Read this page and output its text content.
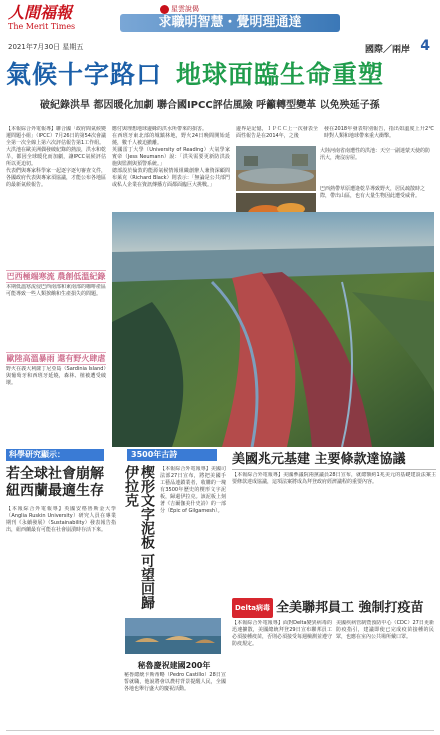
人間福報
The Merit Times
星雲說偈
求職明智慧・覺明理通達
2021年7月30日 星期五	國際／兩岸 4
氣候十字路口 地球面臨生命重塑
破紀錄洪旱 都因暖化加劇 聯合國IPCC評估風險 呼籲轉型變革 以免殃延子孫

【本報綜合外電報導】聯合國「政府間氣候變遷問題小組」（IPCC）7月26日的第54次會議全第一次全線上第六次評估報告第1工作組。

大洪池在歐美洲偶發破紀錄的熱浪，洪水和乾旱，都因全球暖化而加劇，讓IPCC氣候評估所以更迫切。

代表們與專家科學家一起逐字逐句審查文件，各國政府代表與專家須協議，才能公布各地區的最新氣候報告。

巴西極端寒流 農創低溫紀錄
本期低溫寒流侵巴西南部和東南部的咖啡產區可能導致一些人類挨餓和生產損失的問題。
歐陸高溫暴雨 還有野火肆虐
野火在義大利薩丁尼亞島（Sardinia Island）與葡萄牙和西班牙延燒，森林、植被遭受破壞。

應付與理想地球邊緣的洪水所帶來的損害。

在西班牙東北部的城鎮林地，野火24日晚間開始延燒，數千人被迫撤離。

英國雷丁大學（University of Reading）大氣學家賓帝（Jess Neumann）說：「洪災需要更新防洪設施與監測與預警系統。」

總部設於倫敦的能源氣候情報組織創辦人兼資深顧問布萊克（Richard Black）則表示：「無論是公共部門或私人企業在資訊傳播方面都面臨巨大挑戰。」

邊界是記憶，ＩＰＣＣ上一次發表全面性報告是在2014年，之後
發在2018年發表特別報告，指出如溫度上升2℃時對人類和地球帶來重大衝擊。
大陸河南省南遭性的洪池：天空一副迷蒙天使的防汛大，淹沒房屋。
巴西熱帶草原遭逢乾旱導致野火，居民疏散時之際，帶出山區，也有大量生物因此遭受威脅。
科學研究顯示：
若全球社會崩解 紐西蘭最適生存
【本報綜合外電報導】英國安格魯斯金大學（Anglia Ruskin University）研究人員在專業期刊《永續發展》（Sustainability）發表報告指出，紐西蘭最有可能在社會崩潰時存活下來。
3500年古詩
楔形文字泥板 可望回歸伊拉克	【本報綜合外電報導】美國司法部27日宣布，將把美國手工藝品連鎖業者，收購的一塊有3500年歷史的楔形文字泥板，歸還伊拉克。該泥板上刻著《吉爾伽美什史詩》的一部分（Epic of Gilgamesh）。
秘魯慶祝建國200年
秘魯總統卡斯蒂略（Pedro Castillo）28日宣誓就職，他說將會以農村背景提醒人民，全國各地也舉行盛大的慶祝活動。
美國兆元基建 主要條款達協議
【本報綜合外電報導】美國參議院兩黨議員28日宣布，就總額約1兆美元的基礎建設法案主要條款達成協議，這項法案將成為拜登政府經濟議程的重要內容。
Delta病毒 全美聯邦員工 強制打疫苗
【本報綜合外電報導】面對Delta變異病毒的迅速擴散，美國總統拜登29日宣布聯邦員工必須接種疫苗，否則必須接受每週檢測並遵守防疫規定。
美國疾病管制暨預防中心（CDC）27日更新防疫指引，建議即使已完成疫苗接種的民眾，也應在室內公共場所戴口罩。
